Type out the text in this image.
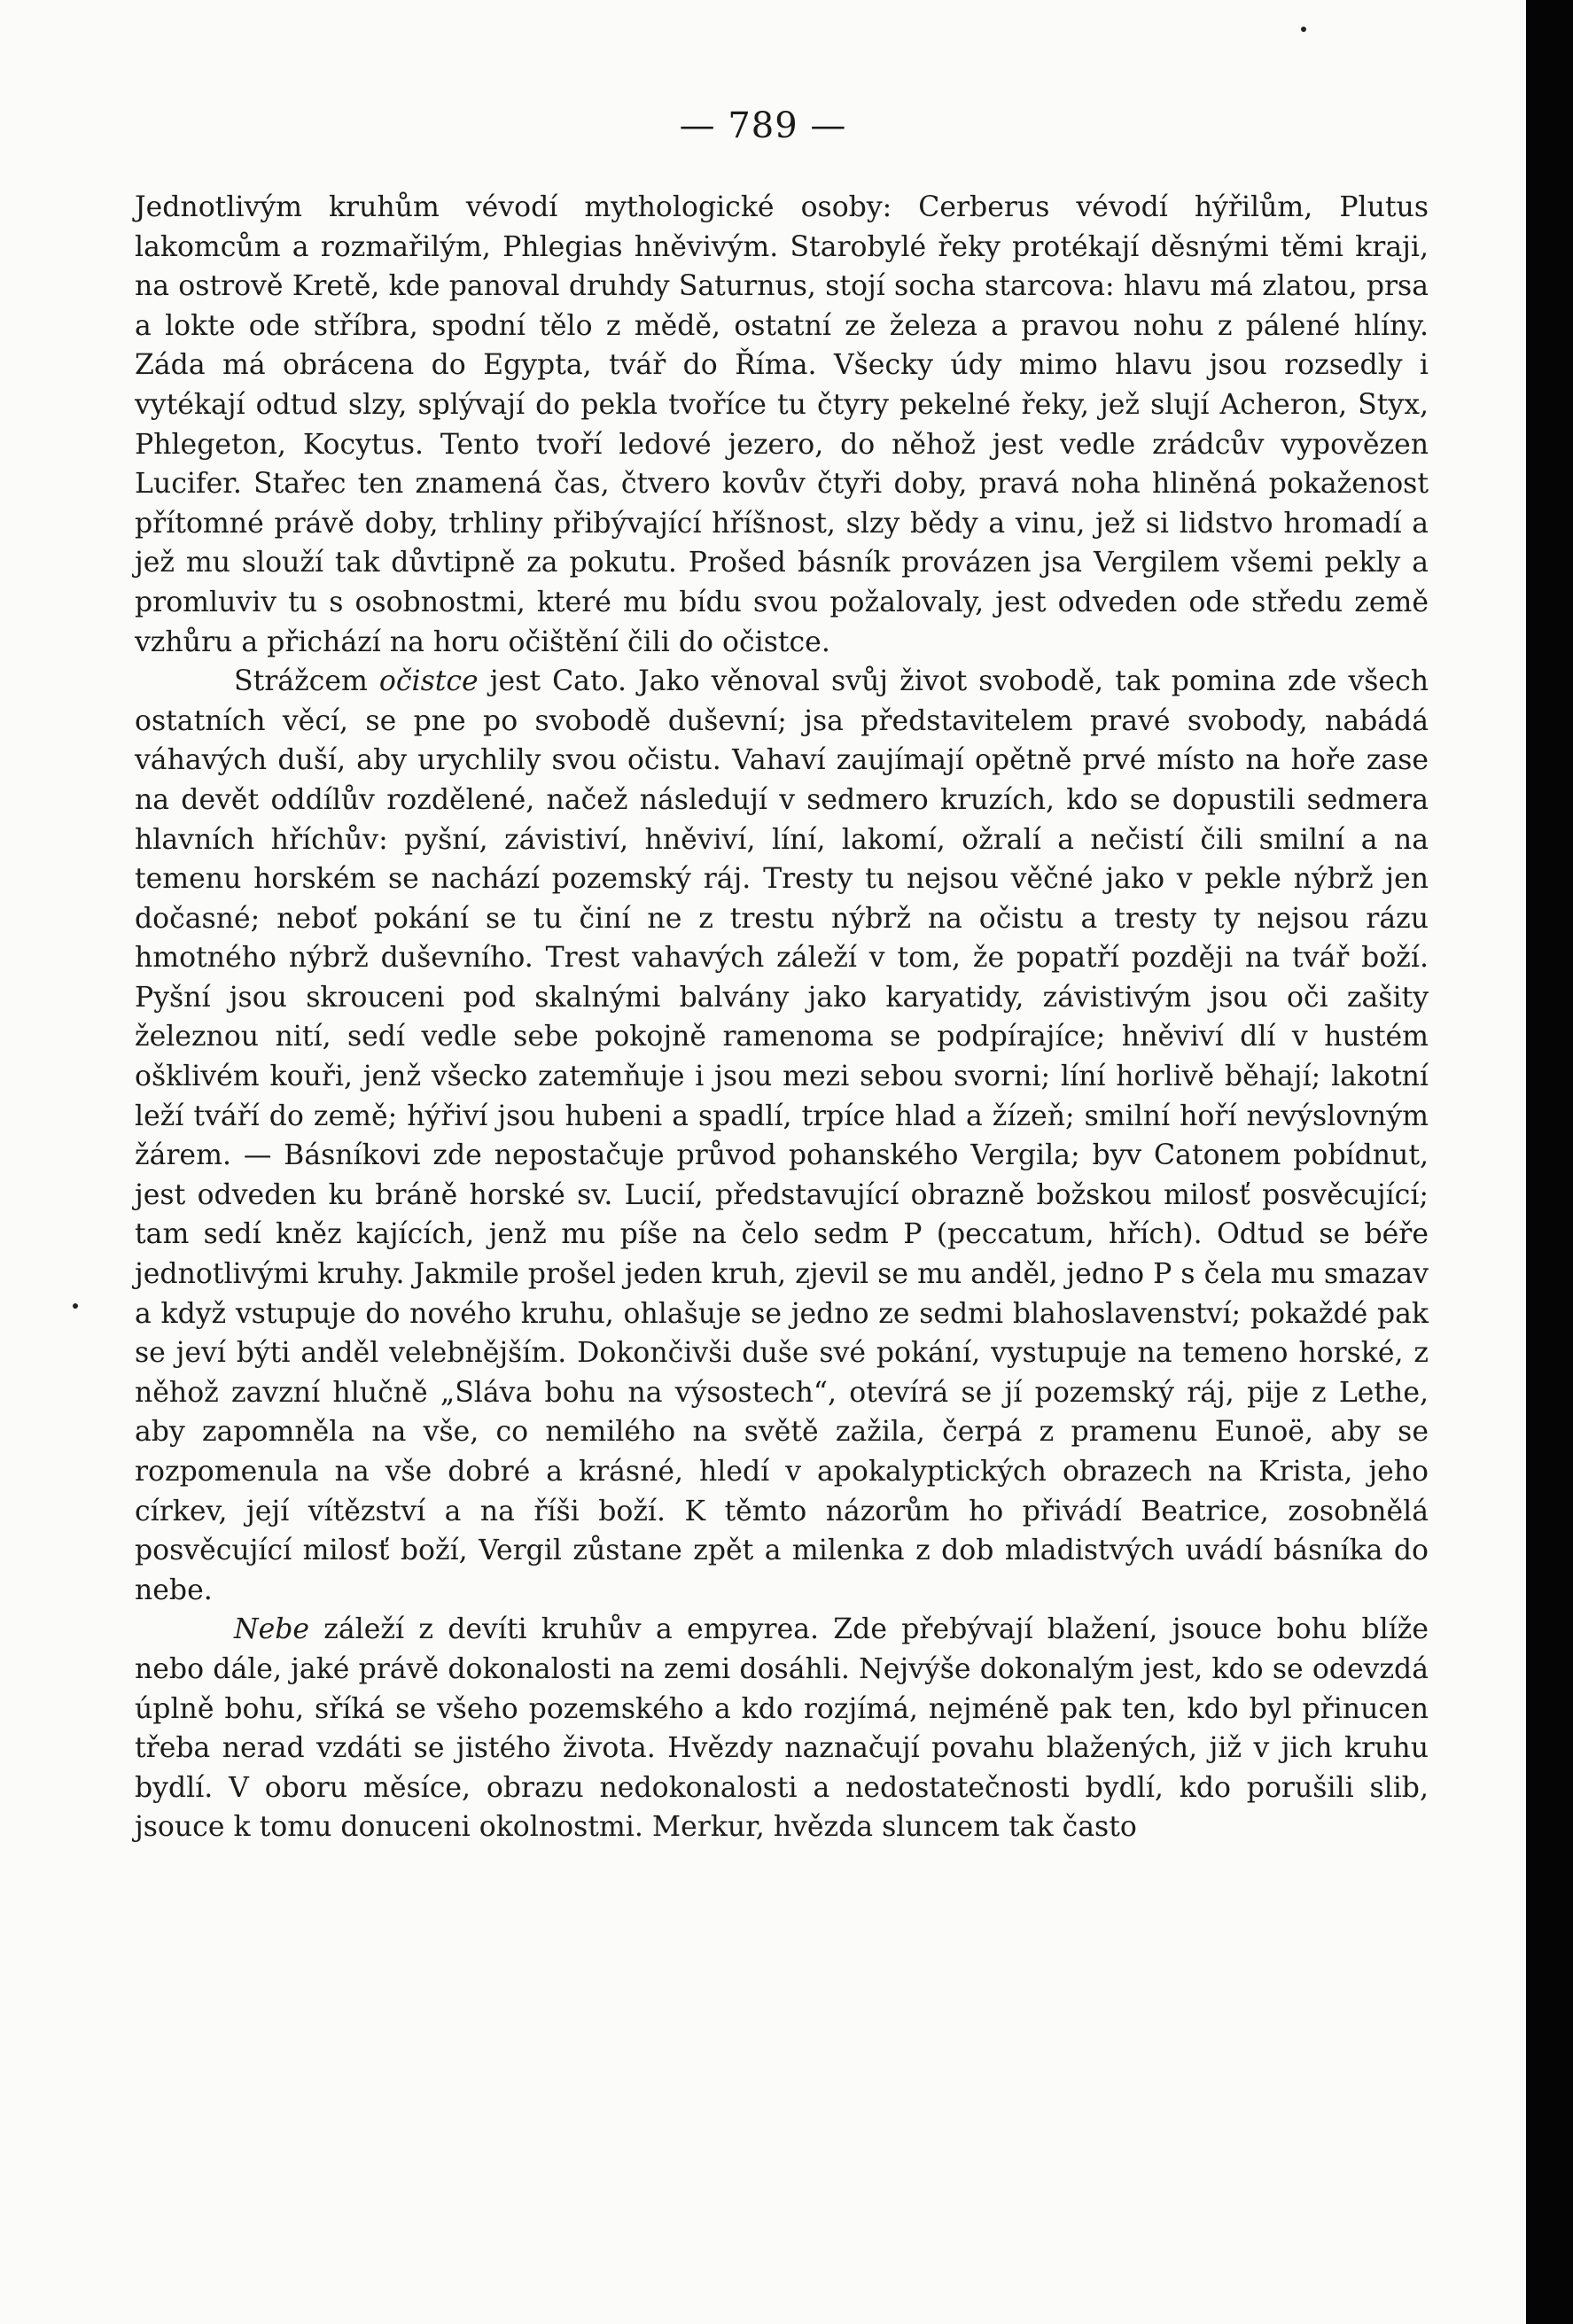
— 789 —

Jednotlivým kruhům vévodí mythologické osoby: Cerberus vévodí hýřilům, Plutus lakomcům a rozmařilým, Phlegias hněvivým. Starobylé řeky protékají děsnými těmi kraji, na ostrově Kretě, kde panoval druhdy Saturnus, stojí socha starcova: hlavu má zlatou, prsa a lokte ode stříbra, spodní tělo z mědě, ostatní ze železa a pravou nohu z pálené hlíny. Záda má obrácena do Egypta, tvář do Říma. Všecky údy mimo hlavu jsou rozsedly i vytékají odtud slzy, splývají do pekla tvoříce tu čtyry pekelné řeky, jež slují Acheron, Styx, Phlegeton, Kocytus. Tento tvoří ledové jezero, do něhož jest vedle zrádcův vypovězen Lucifer. Stařec ten znamená čas, čtvero kovův čtyři doby, pravá noha hliněná pokaženost přítomné právě doby, trhliny přibývající hříšnost, slzy bědy a vinu, jež si lidstvo hromadí a jež mu slouží tak důvtipně za pokutu. Prošed básník provázen jsa Vergilem všemi pekly a promluviv tu s osobnostmi, které mu bídu svou požalovaly, jest odveden ode středu země vzhůru a přichází na horu očištění čili do očistce.

Strážcem očistce jest Cato. Jako věnoval svůj život svobodě, tak pomina zde všech ostatních věcí, se pne po svobodě duševní; jsa představitelem pravé svobody, nabádá váhavých duší, aby urychlily svou očistu. Vahaví zaujímají opětně prvé místo na hoře zase na devět oddílův rozdělené, načež následují v sedmero kruzích, kdo se dopustili sedmera hlavních hříchův: pyšní, závistiví, hněviví, líní, lakomí, ožralí a nečistí čili smilní a na temenu horském se nachází pozemský ráj. Tresty tu nejsou věčné jako v pekle nýbrž jen dočasné; neboť pokání se tu činí ne z trestu nýbrž na očistu a tresty ty nejsou rázu hmotného nýbrž duševního. Trest vahavých záleží v tom, že popatří později na tvář boží. Pyšní jsou skrouceni pod skalnými balvány jako karyatidy, závistivým jsou oči zašity železnou nití, sedí vedle sebe pokojně ramenoma se podpírajíce; hněviví dlí v hustém ošklivém kouři, jenž všecko zatemňuje i jsou mezi sebou svorni; líní horlivě běhají; lakotní leží tváří do země; hýřiví jsou hubeni a spadlí, trpíce hlad a žízeň; smilní hoří nevýslovným žárem. — Básníkovi zde nepostačuje průvod pohanského Vergila; byv Catonem pobídnut, jest odveden ku bráně horské sv. Lucií, představující obrazně božskou milosť posvěcující; tam sedí kněz kajících, jenž mu píše na čelo sedm P (peccatum, hřích). Odtud se béře jednotlivými kruhy. Jakmile prošel jeden kruh, zjevil se mu anděl, jedno P s čela mu smazav a když vstupuje do nového kruhu, ohlašuje se jedno ze sedmi blahoslavenství; pokaždé pak se jeví býti anděl velebnějším. Dokončivši duše své pokání, vystupuje na temeno horské, z něhož zavzní hlučně „Sláva bohu na výsostech“, otevírá se jí pozemský ráj, pije z Lethe, aby zapomněla na vše, co nemilého na světě zažila, čerpá z pramenu Eunoë, aby se rozpomenula na vše dobré a krásné, hledí v apokalyptických obrazech na Krista, jeho církev, její vítězství a na říši boží. K těmto názorům ho přivádí Beatrice, zosobnělá posvěcující milosť boží, Vergil zůstane zpět a milenka z dob mladistvých uvádí básníka do nebe.

Nebe záleží z devíti kruhův a empyrea. Zde přebývají blažení, jsouce bohu blíže nebo dále, jaké právě dokonalosti na zemi dosáhli. Nejvýše dokonalým jest, kdo se odevzdá úplně bohu, sříká se všeho pozemského a kdo rozjímá, nejméně pak ten, kdo byl přinucen třeba nerad vzdáti se jistého života. Hvězdy naznačují povahu blažených, již v jich kruhu bydlí. V oboru měsíce, obrazu nedokonalosti a nedostatečnosti bydlí, kdo porušili slib, jsouce k tomu donuceni okolnostmi. Merkur, hvězda sluncem tak často
